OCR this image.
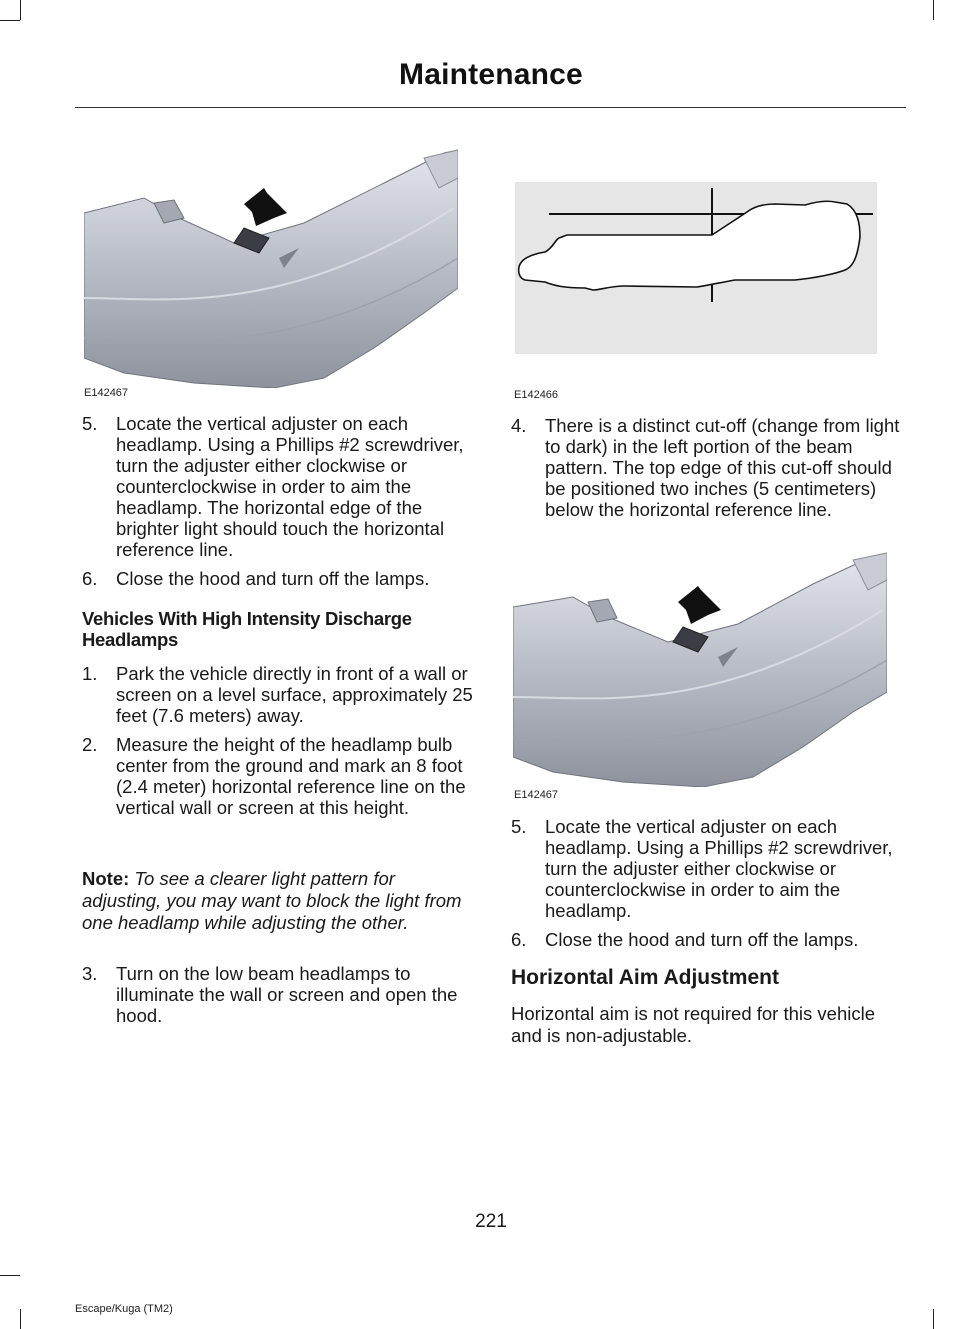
Maintenance
E142467
5. Locate the vertical adjuster on each headlamp. Using a Phillips #2 screwdriver, turn the adjuster either clockwise or counterclockwise in order to aim the headlamp. The horizontal edge of the brighter light should touch the horizontal reference line.
6. Close the hood and turn off the lamps.
Vehicles With High Intensity Discharge Headlamps
1. Park the vehicle directly in front of a wall or screen on a level surface, approximately 25 feet (7.6 meters) away.
2. Measure the height of the headlamp bulb center from the ground and mark an 8 foot (2.4 meter) horizontal reference line on the vertical wall or screen at this height.

Note: To see a clearer light pattern for adjusting, you may want to block the light from one headlamp while adjusting the other.

3. Turn on the low beam headlamps to illuminate the wall or screen and open the hood.
E142466
4. There is a distinct cut-off (change from light to dark) in the left portion of the beam pattern. The top edge of this cut-off should be positioned two inches (5 centimeters) below the horizontal reference line.
E142467
5. Locate the vertical adjuster on each headlamp. Using a Phillips #2 screwdriver, turn the adjuster either clockwise or counterclockwise in order to aim the headlamp.
6. Close the hood and turn off the lamps.
Horizontal Aim Adjustment

Horizontal aim is not required for this vehicle and is non-adjustable.

221
Escape/Kuga (TM2)
